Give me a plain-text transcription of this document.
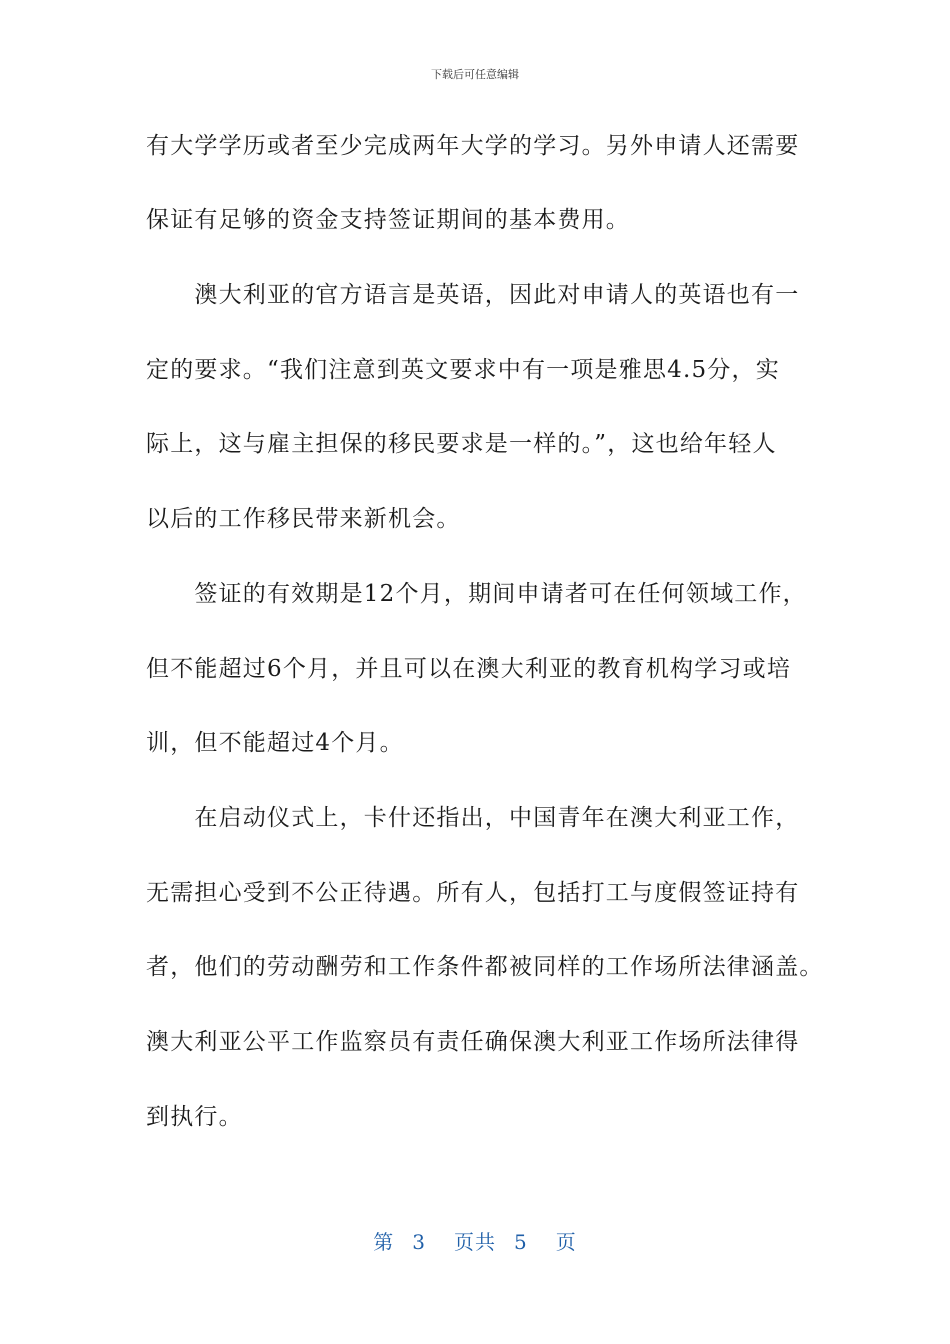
下载后可任意编辑
有大学学历或者至少完成两年大学的学习。另外申请人还需要
保证有足够的资金支持签证期间的基本费用。
　　澳大利亚的官方语言是英语，因此对申请人的英语也有一
定的要求。“我们注意到英文要求中有一项是雅思4.5分，实
际上，这与雇主担保的移民要求是一样的。”，这也给年轻人
以后的工作移民带来新机会。
　　签证的有效期是12个月，期间申请者可在任何领域工作，
但不能超过6个月，并且可以在澳大利亚的教育机构学习或培
训，但不能超过4个月。
　　在启动仪式上，卡什还指出，中国青年在澳大利亚工作，
无需担心受到不公正待遇。所有人，包括打工与度假签证持有
者，他们的劳动酬劳和工作条件都被同样的工作场所法律涵盖。
澳大利亚公平工作监察员有责任确保澳大利亚工作场所法律得
到执行。
第 3 页共 5 页
